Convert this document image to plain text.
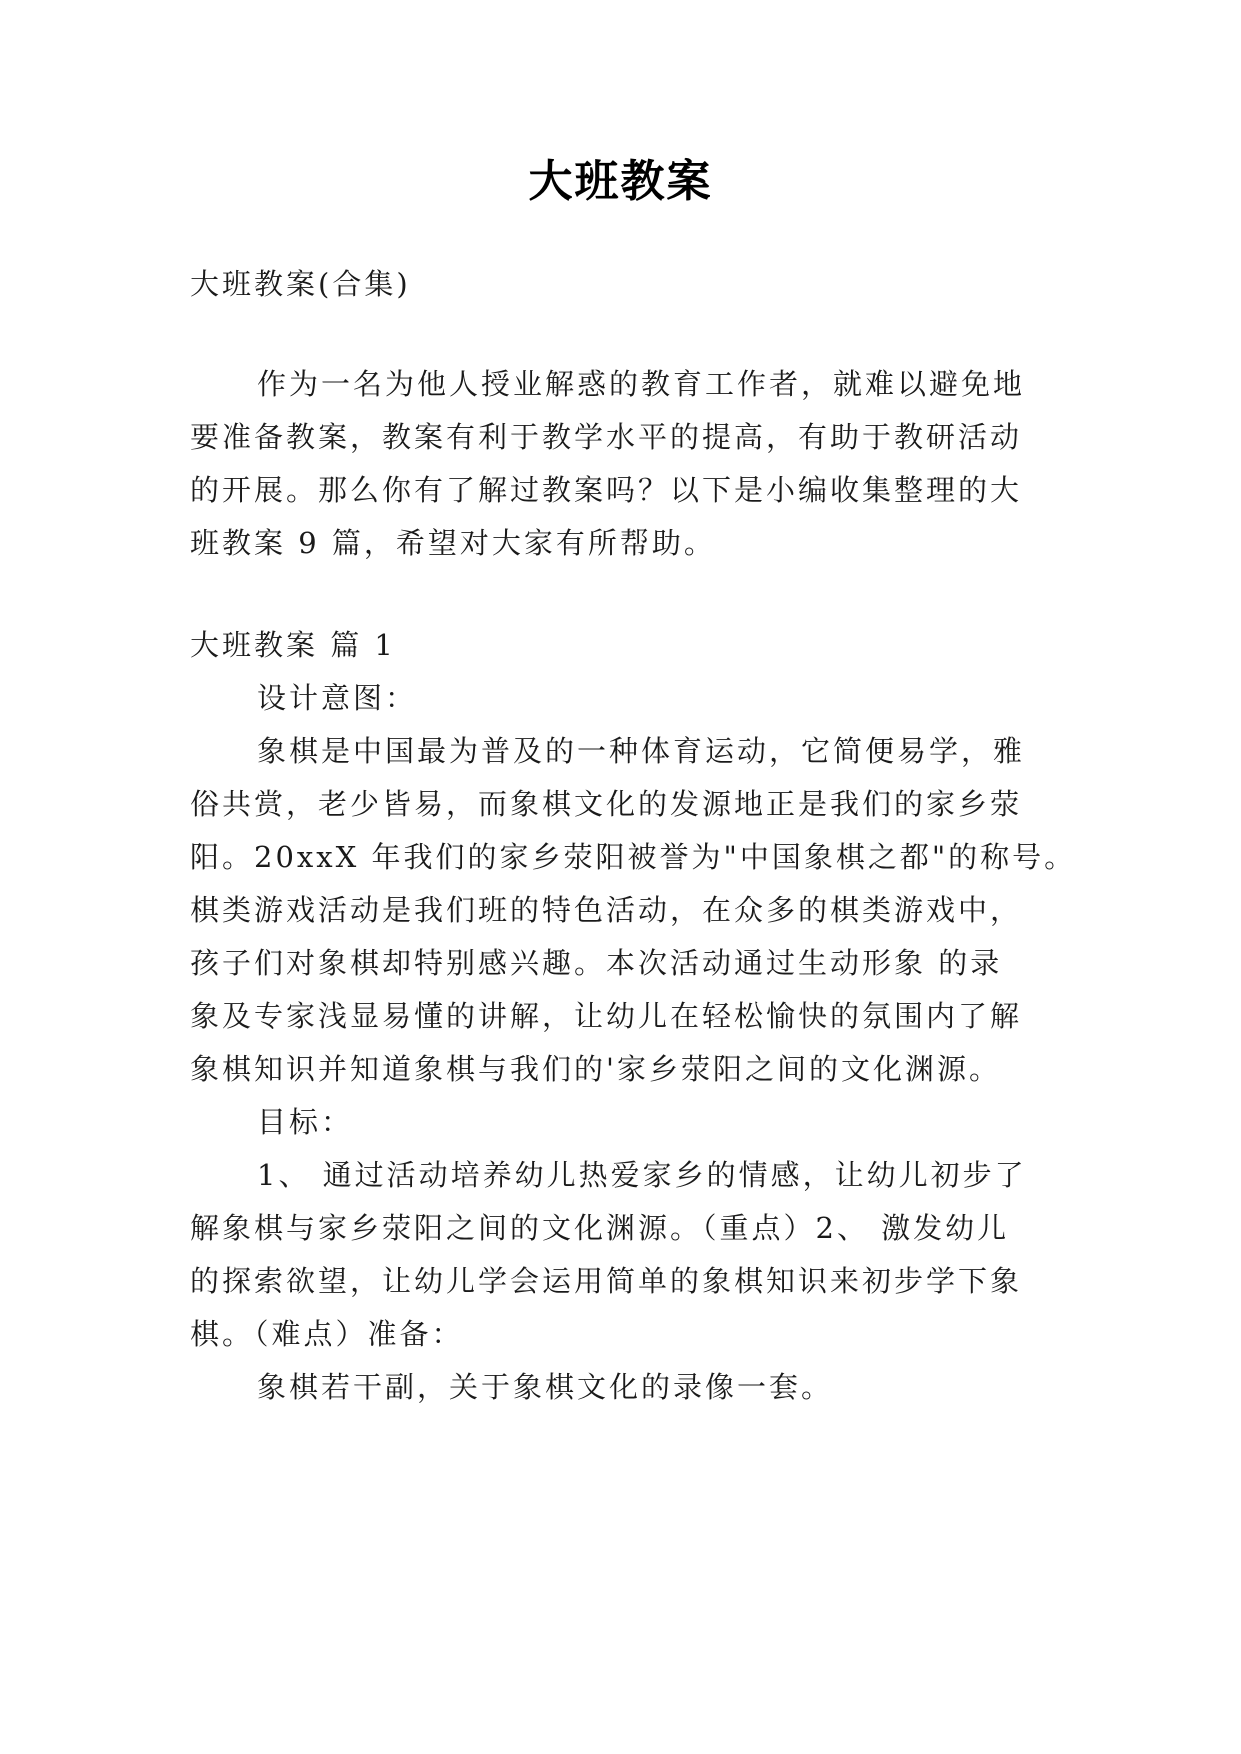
大班教案

大班教案(合集)

作为一名为他人授业解惑的教育工作者，就难以避免地

要准备教案，教案有利于教学水平的提高，有助于教研活动

的开展。那么你有了解过教案吗？以下是小编收集整理的大

班教案 9 篇，希望对大家有所帮助。

大班教案 篇 1

设计意图：

象棋是中国最为普及的一种体育运动，它简便易学，雅

俗共赏，老少皆易，而象棋文化的发源地正是我们的家乡荥

阳。20xxX 年我们的家乡荥阳被誉为"中国象棋之都"的称号。

棋类游戏活动是我们班的特色活动，在众多的棋类游戏中，

孩子们对象棋却特别感兴趣。本次活动通过生动形象 的录

象及专家浅显易懂的讲解，让幼儿在轻松愉快的氛围内了解

象棋知识并知道象棋与我们的'家乡荥阳之间的文化渊源。

目标：

1、 通过活动培养幼儿热爱家乡的情感，让幼儿初步了

解象棋与家乡荥阳之间的文化渊源。（重点）2、 激发幼儿

的探索欲望，让幼儿学会运用简单的象棋知识来初步学下象

棋。（难点）准备：

象棋若干副，关于象棋文化的录像一套。
